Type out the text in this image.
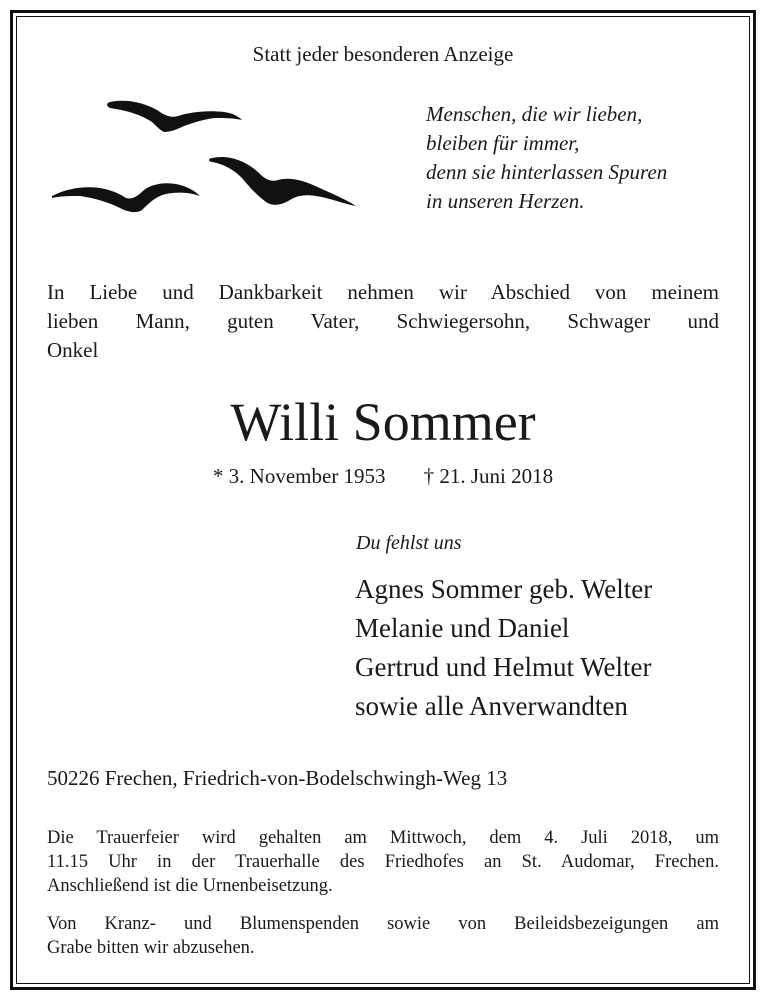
Statt jeder besonderen Anzeige

Menschen, die wir lieben,
bleiben für immer,
denn sie hinterlassen Spuren
in unseren Herzen.
In Liebe und Dankbarkeit nehmen wir Abschied von meinem
lieben Mann, guten Vater, Schwiegersohn, Schwager und
Onkel
Willi Sommer
* 3. November 1953 † 21. Juni 2018
Du fehlst uns
Agnes Sommer geb. Welter
Melanie und Daniel
Gertrud und Helmut Welter
sowie alle Anverwandten
50226 Frechen, Friedrich-von-Bodelschwingh-Weg 13
Die Trauerfeier wird gehalten am Mittwoch, dem 4. Juli 2018, um
11.15 Uhr in der Trauerhalle des Friedhofes an St. Audomar, Frechen.
Anschließend ist die Urnenbeisetzung.
Von Kranz- und Blumenspenden sowie von Beileidsbezeigungen am
Grabe bitten wir abzusehen.
